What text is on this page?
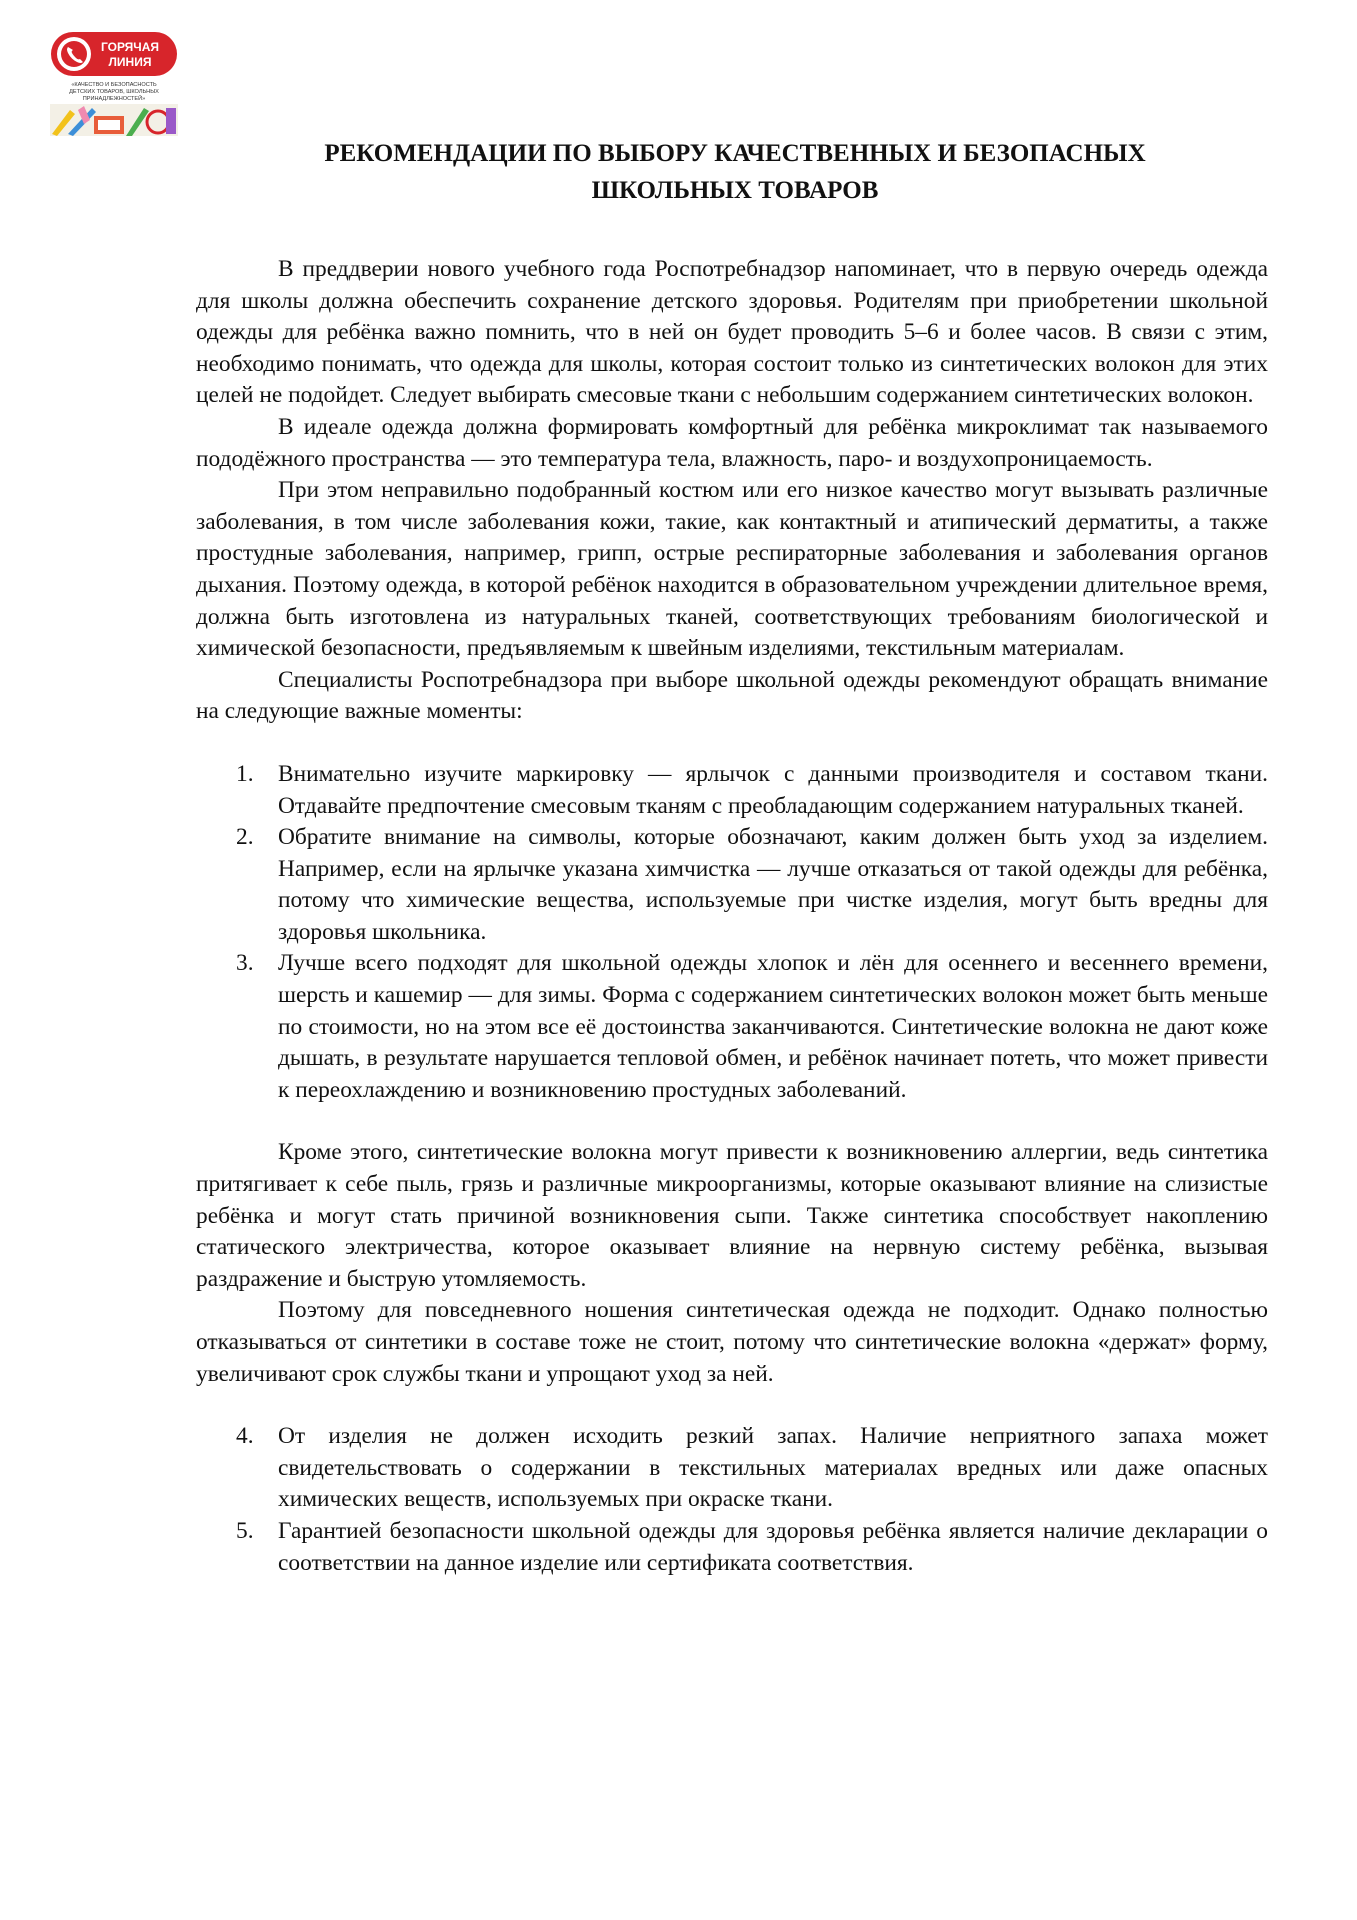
ГОРЯЧАЯ
ЛИНИЯ
«КАЧЕСТВО И БЕЗОПАСНОСТЬ
ДЕТСКИХ ТОВАРОВ, ШКОЛЬНЫХ
ПРИНАДЛЕЖНОСТЕЙ»
РЕКОМЕНДАЦИИ ПО ВЫБОРУ КАЧЕСТВЕННЫХ И БЕЗОПАСНЫХ
ШКОЛЬНЫХ ТОВАРОВ

В преддверии нового учебного года Роспотребнадзор напоминает, что в первую очередь одежда для школы должна обеспечить сохранение детского здоровья. Родителям при приобретении школьной одежды для ребёнка важно помнить, что в ней он будет проводить 5–6 и более часов. В связи с этим, необходимо понимать, что одежда для школы, которая состоит только из синтетических волокон для этих целей не подойдет. Следует выбирать смесовые ткани с небольшим содержанием синтетических волокон.

В идеале одежда должна формировать комфортный для ребёнка микроклимат так называемого пододёжного пространства — это температура тела, влажность, паро- и воздухопроницаемость.

При этом неправильно подобранный костюм или его низкое качество могут вызывать различные заболевания, в том числе заболевания кожи, такие, как контактный и атипический дерматиты, а также простудные заболевания, например, грипп, острые респираторные заболевания и заболевания органов дыхания. Поэтому одежда, в которой ребёнок находится в образовательном учреждении длительное время, должна быть изготовлена из натуральных тканей, соответствующих требованиям биологической и химической безопасности, предъявляемым к швейным изделиями, текстильным материалам.

Специалисты Роспотребнадзора при выборе школьной одежды рекомендуют обращать внимание на следующие важные моменты:

1. Внимательно изучите маркировку — ярлычок с данными производителя и составом ткани. Отдавайте предпочтение смесовым тканям с преобладающим содержанием натуральных тканей.
2. Обратите внимание на символы, которые обозначают, каким должен быть уход за изделием. Например, если на ярлычке указана химчистка — лучше отказаться от такой одежды для ребёнка, потому что химические вещества, используемые при чистке изделия, могут быть вредны для здоровья школьника.
3. Лучше всего подходят для школьной одежды хлопок и лён для осеннего и весеннего времени, шерсть и кашемир — для зимы. Форма с содержанием синтетических волокон может быть меньше по стоимости, но на этом все её достоинства заканчиваются. Синтетические волокна не дают коже дышать, в результате нарушается тепловой обмен, и ребёнок начинает потеть, что может привести к переохлаждению и возникновению простудных заболеваний.

Кроме этого, синтетические волокна могут привести к возникновению аллергии, ведь синтетика притягивает к себе пыль, грязь и различные микроорганизмы, которые оказывают влияние на слизистые ребёнка и могут стать причиной возникновения сыпи. Также синтетика способствует накоплению статического электричества, которое оказывает влияние на нервную систему ребёнка, вызывая раздражение и быструю утомляемость.

Поэтому для повседневного ношения синтетическая одежда не подходит. Однако полностью отказываться от синтетики в составе тоже не стоит, потому что синтетические волокна «держат» форму, увеличивают срок службы ткани и упрощают уход за ней.

4. От изделия не должен исходить резкий запах. Наличие неприятного запаха может свидетельствовать о содержании в текстильных материалах вредных или даже опасных химических веществ, используемых при окраске ткани.
5. Гарантией безопасности школьной одежды для здоровья ребёнка является наличие декларации о соответствии на данное изделие или сертификата соответствия.
